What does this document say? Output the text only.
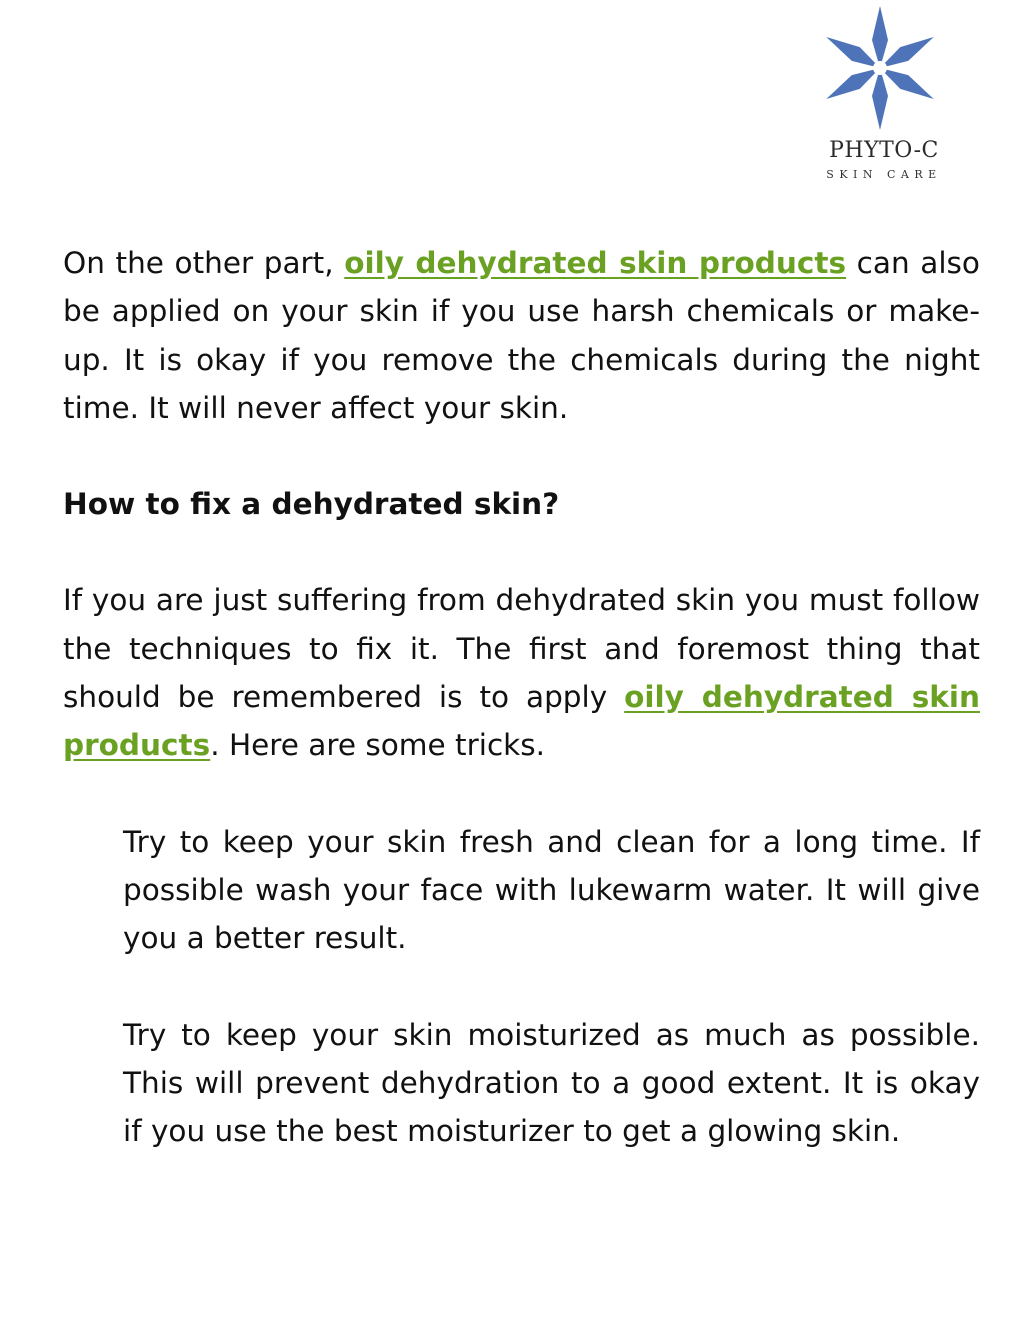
PHYTO-C
SKIN CARE

On the other part, oily dehydrated skin products can also be applied on your skin if you use harsh chemicals or make-up. It is okay if you remove the chemicals during the night time. It will never affect your skin.

How to fix a dehydrated skin?

If you are just suffering from dehydrated skin you must follow the techniques to fix it. The first and foremost thing that should be remembered is to apply oily dehydrated skin products. Here are some tricks.

Try to keep your skin fresh and clean for a long time. If possible wash your face with lukewarm water. It will give you a better result.

Try to keep your skin moisturized as much as possible. This will prevent dehydration to a good extent. It is okay if you use the best moisturizer to get a glowing skin.
